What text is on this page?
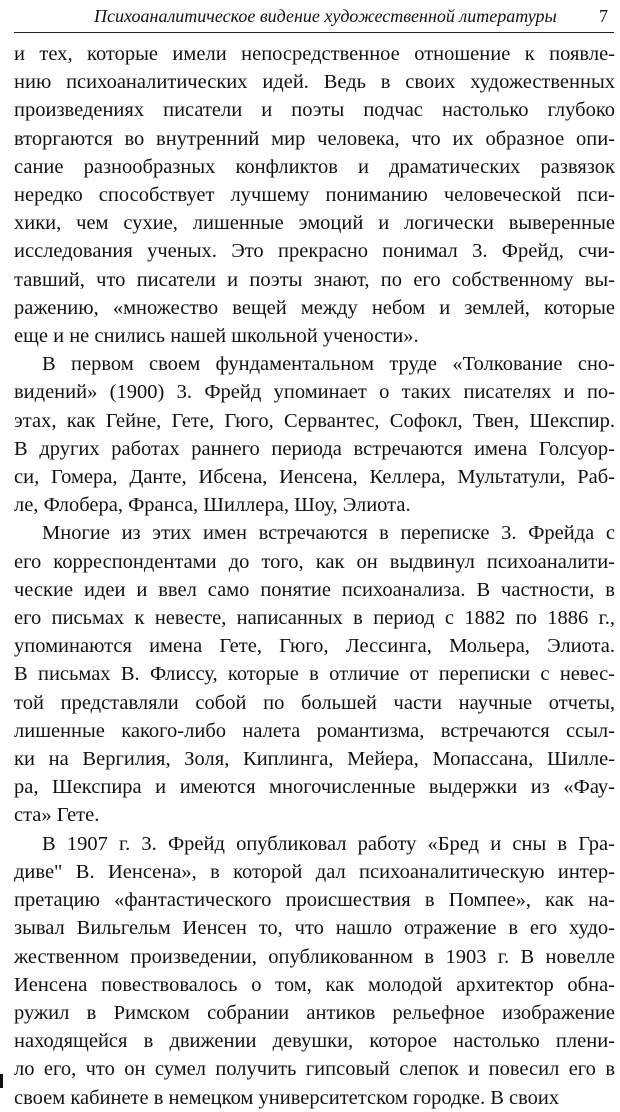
Психоаналитическое видение художественной литературы 7
и тех, которые имели непосредственное отношение к появле-
нию психоаналитических идей. Ведь в своих художественных
произведениях писатели и поэты подчас настолько глубоко
вторгаются во внутренний мир человека, что их образное опи-
сание разнообразных конфликтов и драматических развязок
нередко способствует лучшему пониманию человеческой пси-
хики, чем сухие, лишенные эмоций и логически выверенные
исследования ученых. Это прекрасно понимал 3. Фрейд, счи-
тавший, что писатели и поэты знают, по его собственному вы-
ражению, «множество вещей между небом и землей, которые
еще и не снились нашей школьной учености».
В первом своем фундаментальном труде «Толкование сно-
видений» (1900) 3. Фрейд упоминает о таких писателях и по-
этах, как Гейне, Гете, Гюго, Сервантес, Софокл, Твен, Шекспир.
В других работах раннего периода встречаются имена Голсуор-
си, Гомера, Данте, Ибсена, Иенсена, Келлера, Мультатули, Раб-
ле, Флобера, Франса, Шиллера, Шоу, Элиота.
Многие из этих имен встречаются в переписке 3. Фрейда с
его корреспондентами до того, как он выдвинул психоаналити-
ческие идеи и ввел само понятие психоанализа. В частности, в
его письмах к невесте, написанных в период с 1882 по 1886 г.,
упоминаются имена Гете, Гюго, Лессинга, Мольера, Элиота.
В письмах В. Флиссу, которые в отличие от переписки с невес-
той представляли собой по большей части научные отчеты,
лишенные какого-либо налета романтизма, встречаются ссыл-
ки на Вергилия, Золя, Киплинга, Мейера, Мопассана, Шилле-
ра, Шекспира и имеются многочисленные выдержки из «Фау-
ста» Гете.
В 1907 г. 3. Фрейд опубликовал работу «Бред и сны в Гра-
диве" В. Иенсена», в которой дал психоаналитическую интер-
претацию «фантастического происшествия в Помпее», как на-
зывал Вильгельм Иенсен то, что нашло отражение в его худо-
жественном произведении, опубликованном в 1903 г. В новелле
Иенсена повествовалось о том, как молодой архитектор обна-
ружил в Римском собрании антиков рельефное изображение
находящейся в движении девушки, которое настолько плени-
ло его, что он сумел получить гипсовый слепок и повесил его в
своем кабинете в немецком университетском городке. В своих
